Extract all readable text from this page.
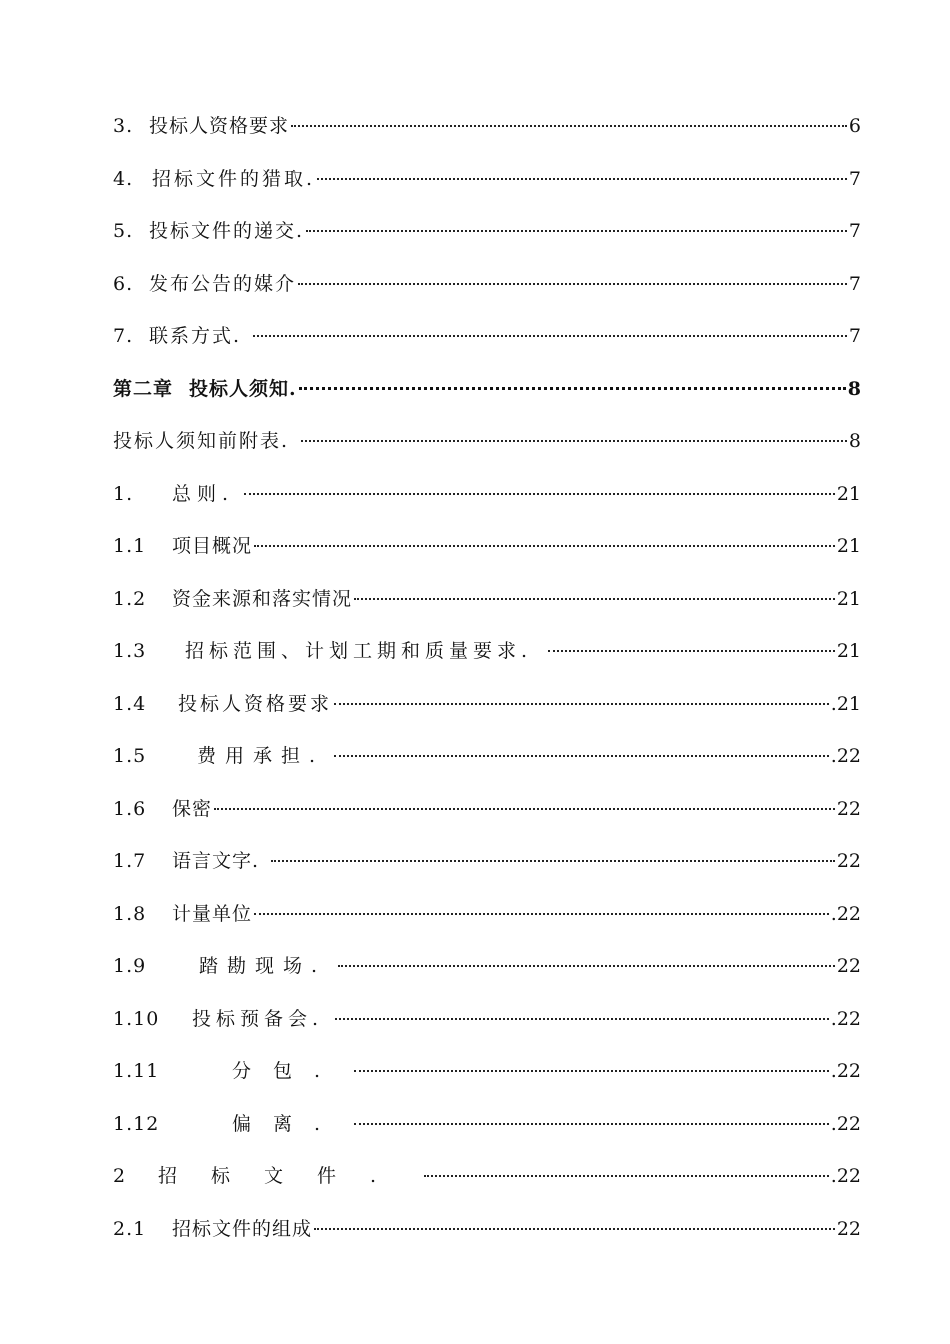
3. 投标人资格要求	6
4. 招标文件的猎取.	7
5. 投标文件的递交.	7
6. 发布公告的媒介	7
7. 联系方式.	7
第二章 投标人须知.	8
投标人须知前附表.	8
1. 总则.	21
1.1 项目概况	21
1.2 资金来源和落实情况	21
1.3 招标范围、计划工期和质量要求.	21
1.4 投标人资格要求	.21
1.5	费用承担.	.22
1.6 保密	22
1.7 语言文字.	22
1.8 计量单位	.22
1.9	踏勘现场.	22
1.10 投标预备会.	.22
1.11	分包.	.22
1.12	偏离.	.22
2 招标文件.	.22
2.1 招标文件的组成	22
